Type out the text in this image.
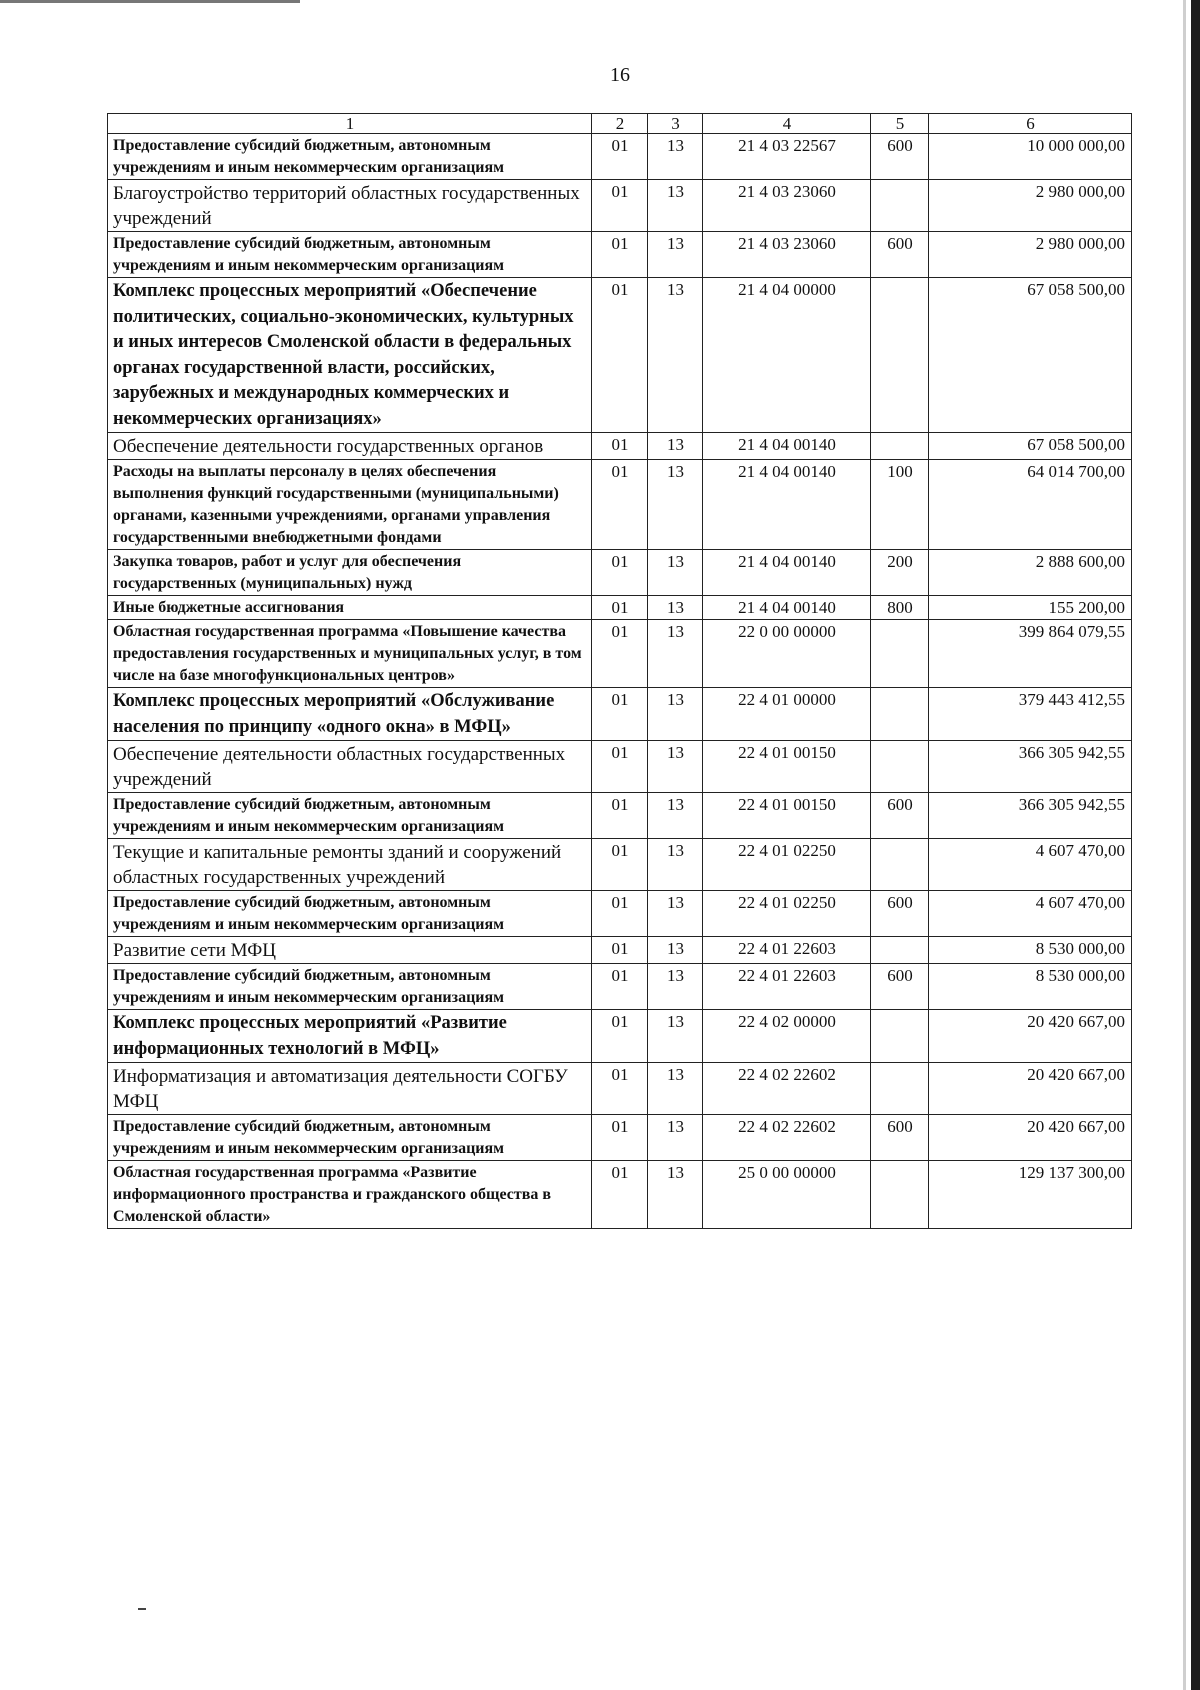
16
1	2	3	4	5	6
Предоставление субсидий бюджетным, автономным учреждениям и иным некоммерческим организациям	01	13	21 4 03 22567	600	10 000 000,00
Благоустройство территорий областных государственных учреждений	01	13	21 4 03 23060		2 980 000,00
Предоставление субсидий бюджетным, автономным учреждениям и иным некоммерческим организациям	01	13	21 4 03 23060	600	2 980 000,00
Комплекс процессных мероприятий «Обеспечение политических, социально-экономических, культурных и иных интересов Смоленской области в федеральных органах государственной власти, российских, зарубежных и международных коммерческих и некоммерческих организациях»	01	13	21 4 04 00000		67 058 500,00
Обеспечение деятельности государственных органов	01	13	21 4 04 00140		67 058 500,00
Расходы на выплаты персоналу в целях обеспечения выполнения функций государственными (муниципальными) органами, казенными учреждениями, органами управления государственными внебюджетными фондами	01	13	21 4 04 00140	100	64 014 700,00
Закупка товаров, работ и услуг для обеспечения государственных (муниципальных) нужд	01	13	21 4 04 00140	200	2 888 600,00
Иные бюджетные ассигнования	01	13	21 4 04 00140	800	155 200,00
Областная государственная программа «Повышение качества предоставления государственных и муниципальных услуг, в том числе на базе многофункциональных центров»	01	13	22 0 00 00000		399 864 079,55
Комплекс процессных мероприятий «Обслуживание населения по принципу «одного окна» в МФЦ»	01	13	22 4 01 00000		379 443 412,55
Обеспечение деятельности областных государственных учреждений	01	13	22 4 01 00150		366 305 942,55
Предоставление субсидий бюджетным, автономным учреждениям и иным некоммерческим организациям	01	13	22 4 01 00150	600	366 305 942,55
Текущие и капитальные ремонты зданий и сооружений областных государственных учреждений	01	13	22 4 01 02250		4 607 470,00
Предоставление субсидий бюджетным, автономным учреждениям и иным некоммерческим организациям	01	13	22 4 01 02250	600	4 607 470,00
Развитие сети МФЦ	01	13	22 4 01 22603		8 530 000,00
Предоставление субсидий бюджетным, автономным учреждениям и иным некоммерческим организациям	01	13	22 4 01 22603	600	8 530 000,00
Комплекс процессных мероприятий «Развитие информационных технологий в МФЦ»	01	13	22 4 02 00000		20 420 667,00
Информатизация и автоматизация деятельности СОГБУ МФЦ	01	13	22 4 02 22602		20 420 667,00
Предоставление субсидий бюджетным, автономным учреждениям и иным некоммерческим организациям	01	13	22 4 02 22602	600	20 420 667,00
Областная государственная программа «Развитие информационного пространства и гражданского общества в Смоленской области»	01	13	25 0 00 00000		129 137 300,00
